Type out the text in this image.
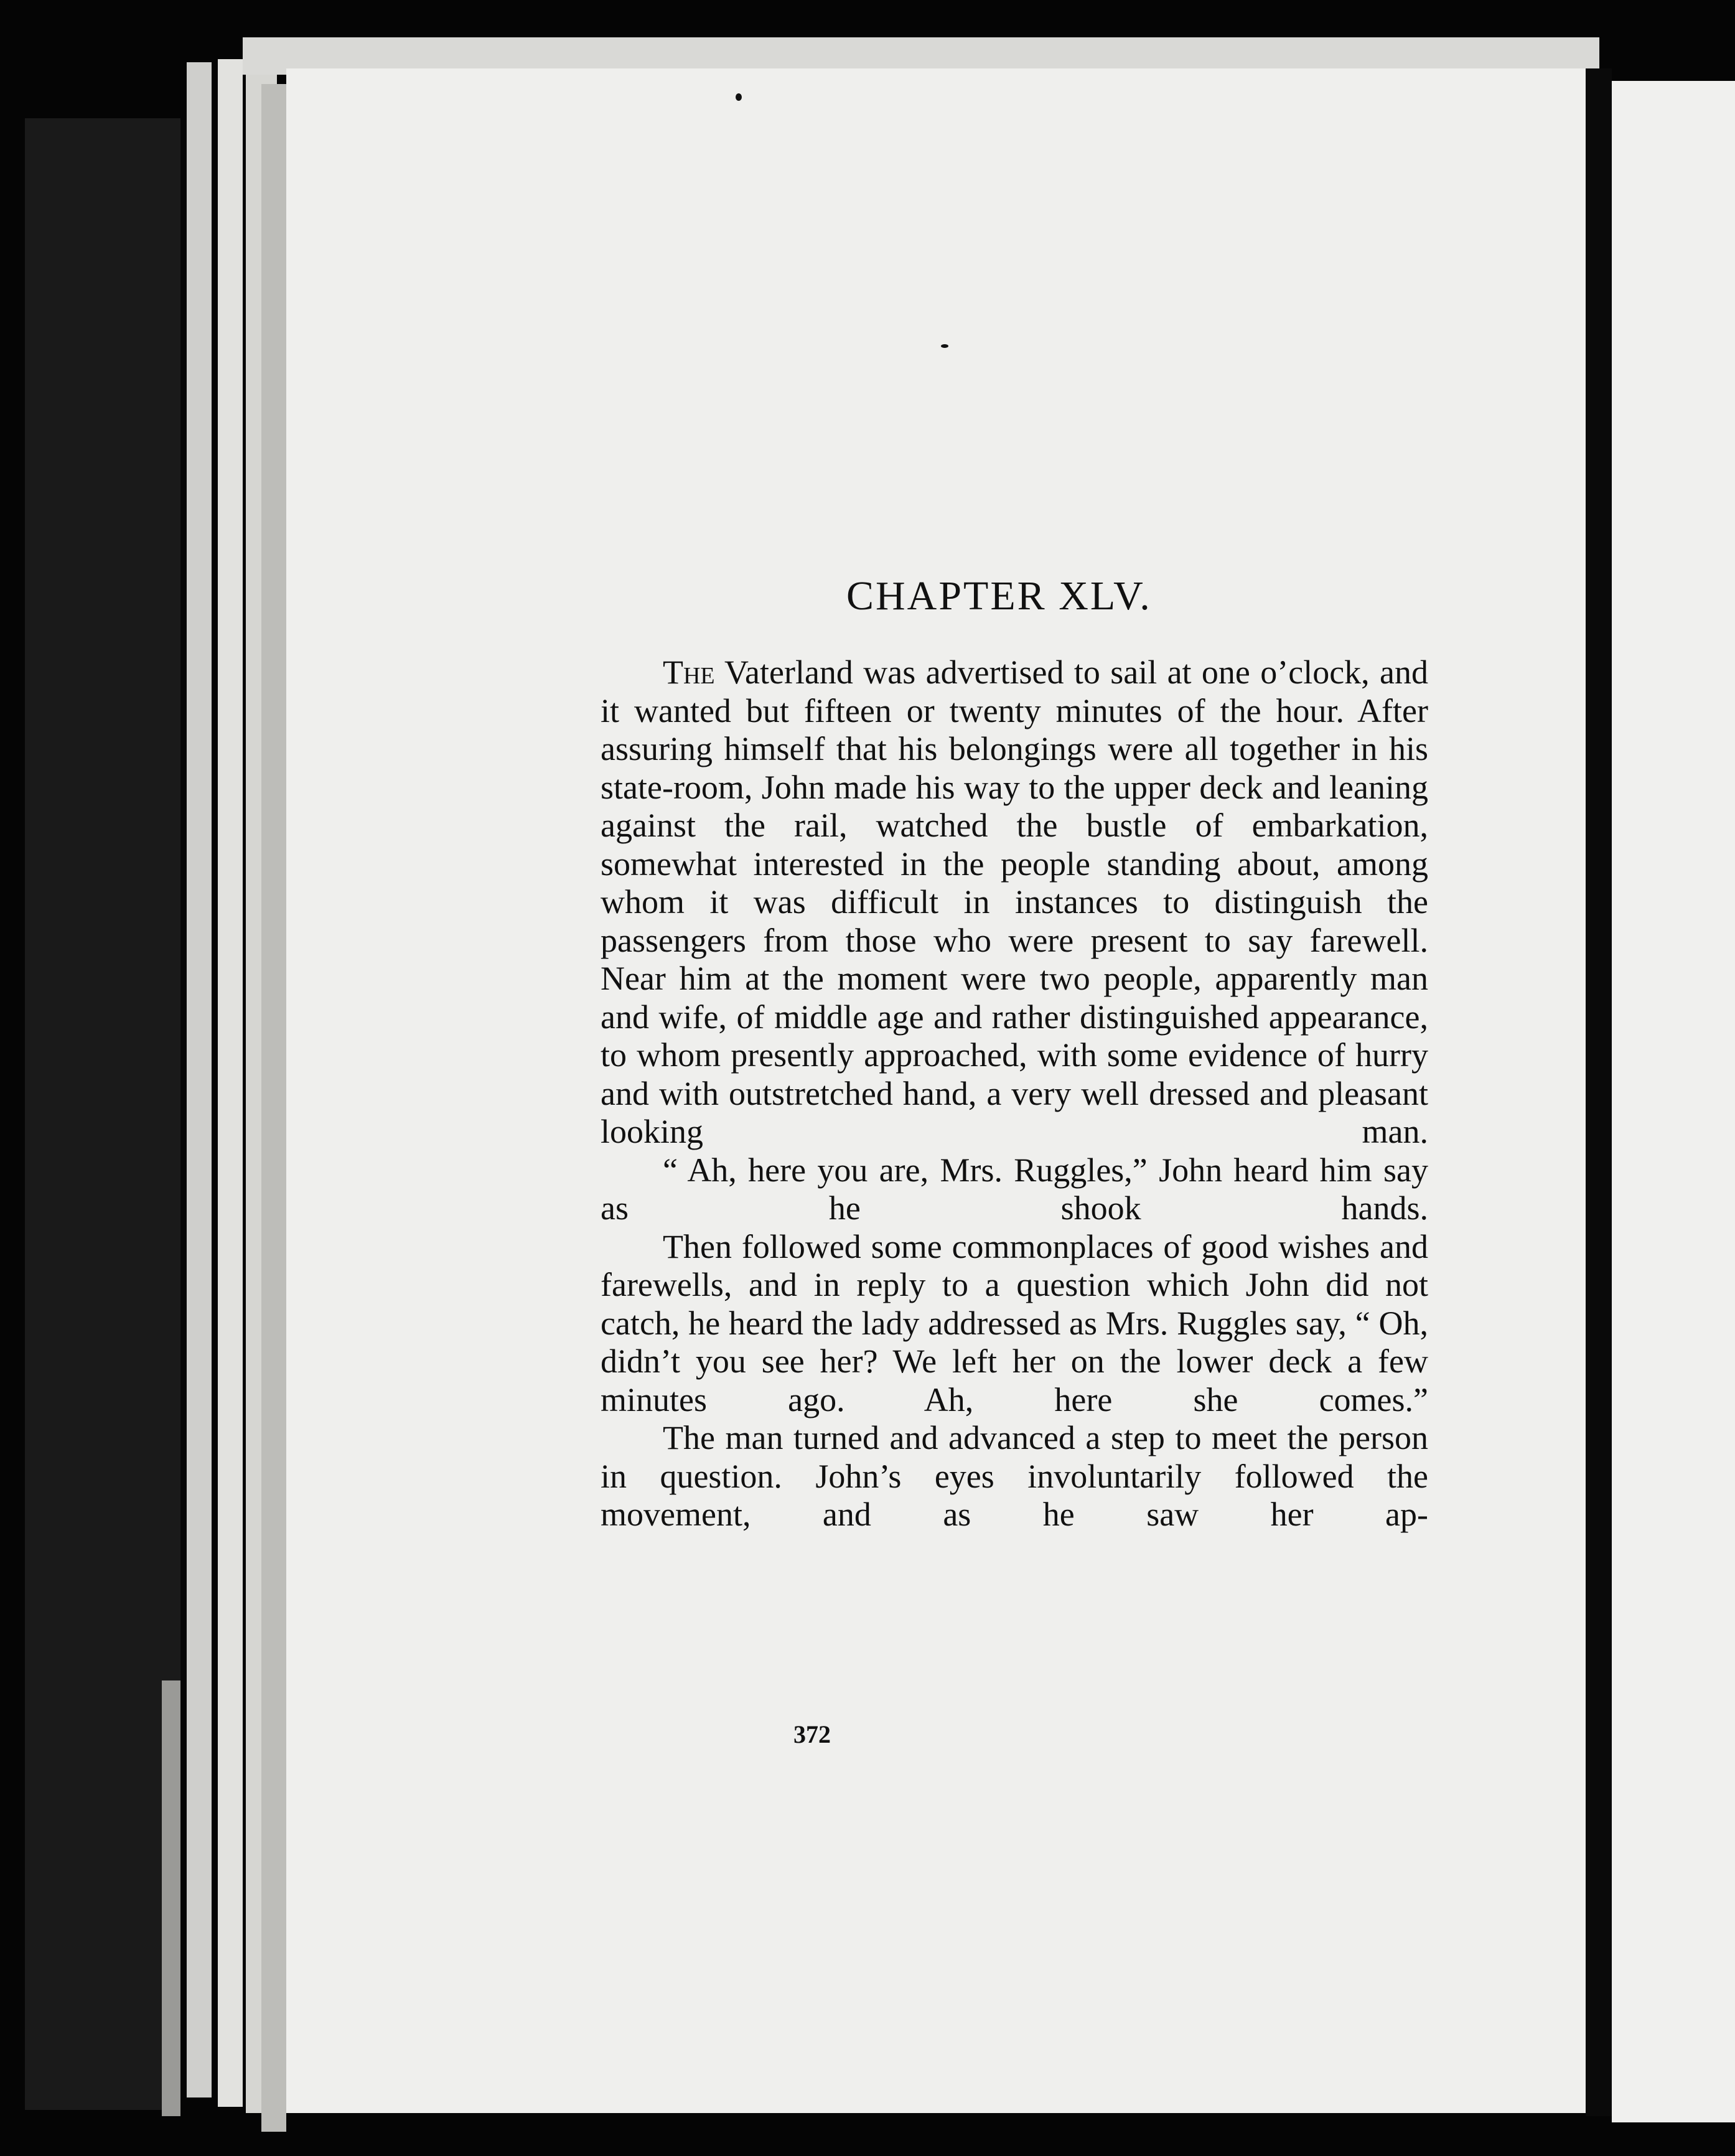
CHAPTER XLV.

The Vaterland was advertised to sail at one o’clock, and it wanted but fifteen or twenty minutes of the hour. After assuring himself that his belongings were all together in his state-room, John made his way to the upper deck and leaning against the rail, watched the bustle of embarkation, somewhat interested in the people standing about, among whom it was difficult in instances to distinguish the passengers from those who were present to say farewell. Near him at the moment were two people, apparently man and wife, of middle age and rather distinguished appearance, to whom presently approached, with some evidence of hurry and with outstretched hand, a very well dressed and pleasant looking man.

“ Ah, here you are, Mrs. Ruggles,” John heard him say as he shook hands.

Then followed some commonplaces of good wishes and farewells, and in reply to a question which John did not catch, he heard the lady addressed as Mrs. Ruggles say, “ Oh, didn’t you see her? We left her on the lower deck a few minutes ago. Ah, here she comes.”

The man turned and advanced a step to meet the person in question. John’s eyes involuntarily followed the movement, and as he saw her ap-

372
